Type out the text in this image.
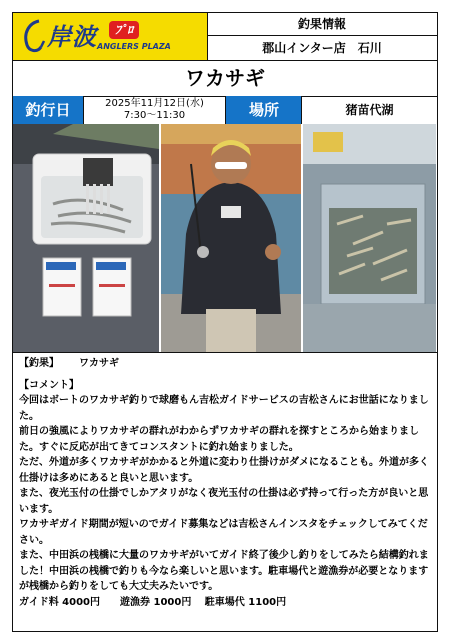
岸波	ﾌﾟﾛ
ANGLERS PLAZA
釣果情報
郡山インター店　石川
ワカサギ
釣行日	2025年11月12日(水)
7:30～11:30	場所	猪苗代湖

【釣果】 ワカサギ

【コメント】

今回はボートのワカサギ釣りで球磨もん吉松ガイドサービスの吉松さんにお世話になりました。

前日の強風によりワカサギの群れがわからずワカサギの群れを探すところから始まりました。すぐに反応が出てきてコンスタントに釣れ始まりました。

ただ、外道が多くワカサギがかかると外道に変わり仕掛けがダメになることも。外道が多く仕掛けは多めにあると良いと思います。

また、夜光玉付の仕掛でしかアタリがなく夜光玉付の仕掛は必ず持って行った方が良いと思います。

ワカサギガイド期間が短いのでガイド募集などは吉松さんインスタをチェックしてみてください。

また、中田浜の桟橋に大量のワカサギがいてガイド終了後少し釣りをしてみたら結構釣れました！中田浜の桟橋で釣りも今なら楽しいと思います。駐車場代と遊漁券が必要となりますが桟橋から釣りをしても大丈夫みたいです。

ガイド料 4000円　　遊漁券 1000円　 駐車場代 1100円
